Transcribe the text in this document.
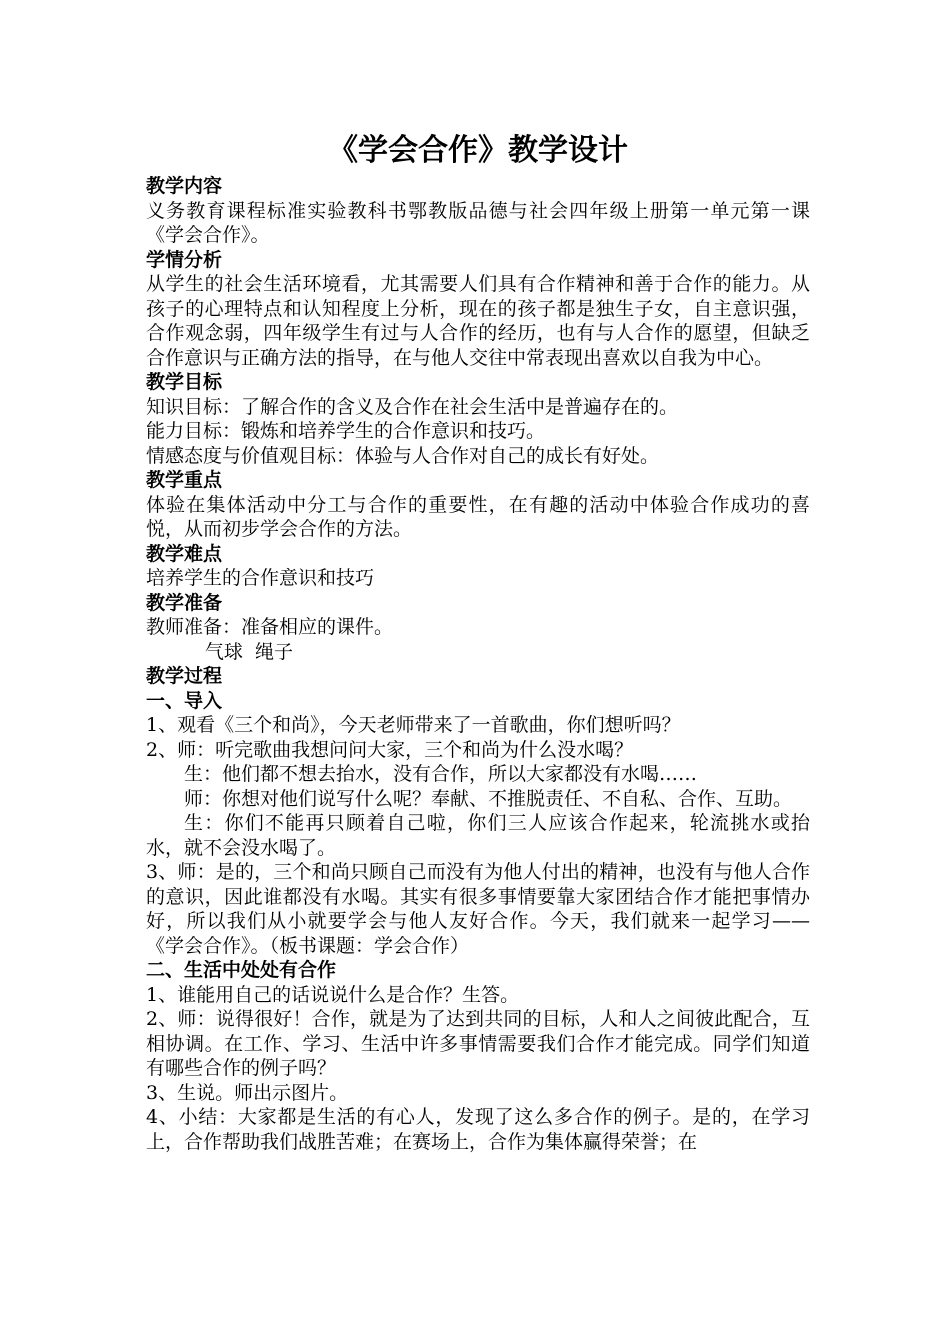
《学会合作》教学设计
教学内容

义务教育课程标准实验教科书鄂教版品德与社会四年级上册第一单元第一课《学会合作》。

学情分析

从学生的社会生活环境看，尤其需要人们具有合作精神和善于合作的能力。从孩子的心理特点和认知程度上分析，现在的孩子都是独生子女，自主意识强，合作观念弱，四年级学生有过与人合作的经历，也有与人合作的愿望，但缺乏合作意识与正确方法的指导，在与他人交往中常表现出喜欢以自我为中心。

教学目标

知识目标：了解合作的含义及合作在社会生活中是普遍存在的。

能力目标：锻炼和培养学生的合作意识和技巧。

情感态度与价值观目标：体验与人合作对自己的成长有好处。

教学重点

体验在集体活动中分工与合作的重要性，在有趣的活动中体验合作成功的喜悦，从而初步学会合作的方法。

教学难点

培养学生的合作意识和技巧

教学准备

教师准备：准备相应的课件。

气球  绳子

教学过程
一、导入

1、观看《三个和尚》，今天老师带来了一首歌曲，你们想听吗？

2、师：听完歌曲我想问问大家，三个和尚为什么没水喝？

生：他们都不想去抬水，没有合作，所以大家都没有水喝……

师：你想对他们说写什么呢？奉献、不推脱责任、不自私、合作、互助。

生：你们不能再只顾着自己啦，你们三人应该合作起来，轮流挑水或抬水，就不会没水喝了。

3、师：是的，三个和尚只顾自己而没有为他人付出的精神，也没有与他人合作的意识，因此谁都没有水喝。其实有很多事情要靠大家团结合作才能把事情办好，所以我们从小就要学会与他人友好合作。今天，我们就来一起学习——《学会合作》。（板书课题：学会合作）

二、生活中处处有合作

1、谁能用自己的话说说什么是合作？生答。

2、师：说得很好！合作，就是为了达到共同的目标，人和人之间彼此配合，互相协调。在工作、学习、生活中许多事情需要我们合作才能完成。同学们知道有哪些合作的例子吗？

3、生说。师出示图片。

4、小结：大家都是生活的有心人，发现了这么多合作的例子。是的，在学习上，合作帮助我们战胜苦难；在赛场上，合作为集体赢得荣誉；在
